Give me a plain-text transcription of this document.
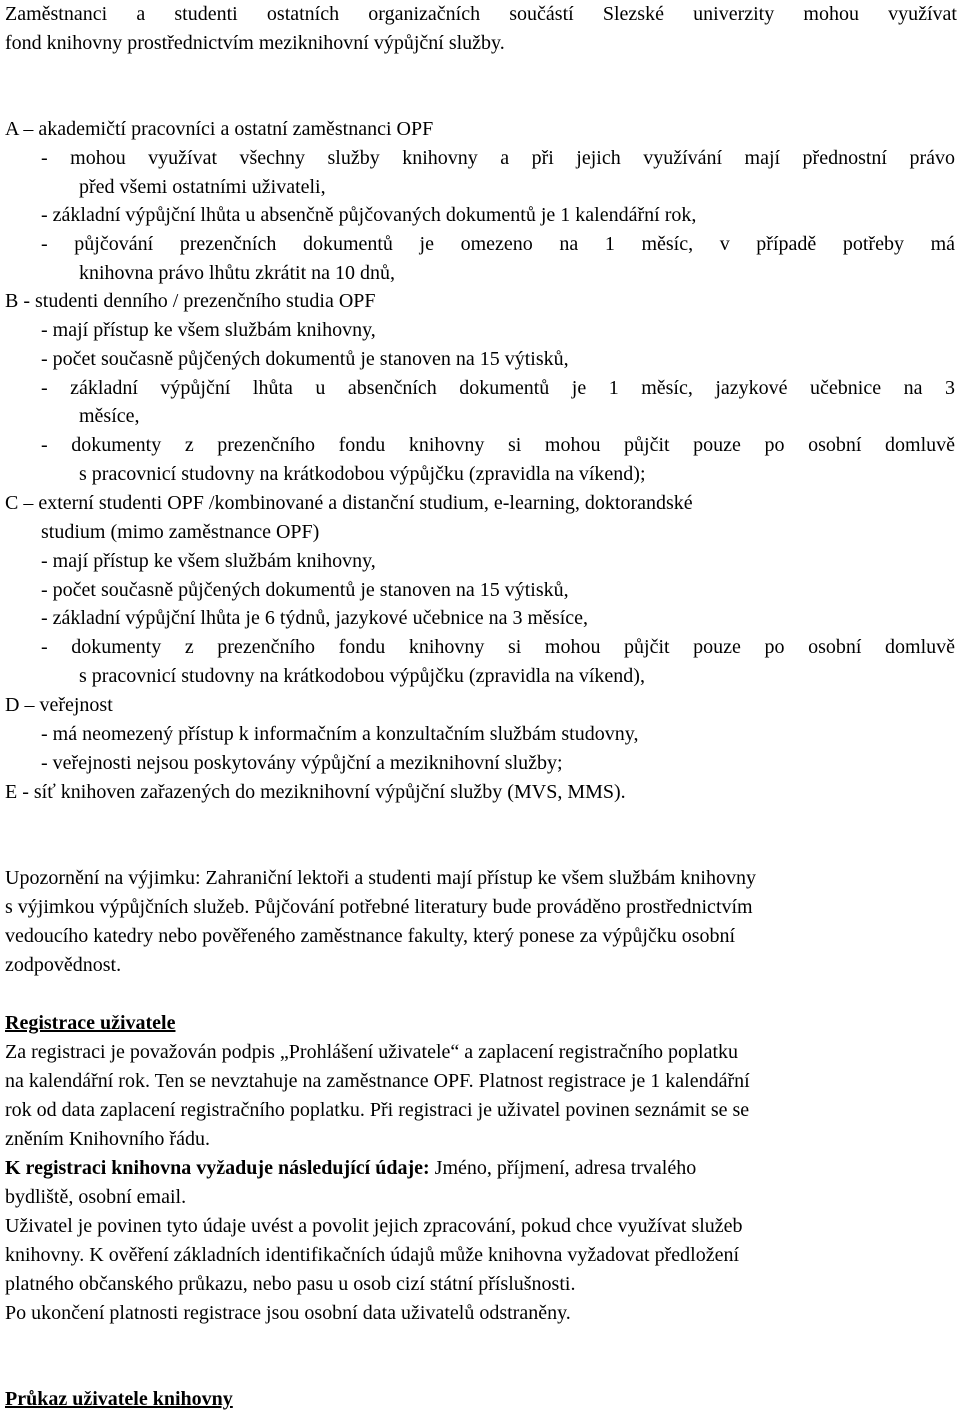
Zaměstnanci a studenti ostatních organizačních součástí Slezské univerzity mohou využívat
fond knihovny prostřednictvím meziknihovní výpůjční služby.
A – akademičtí pracovníci a ostatní zaměstnanci OPF
- mohou využívat všechny služby knihovny a při jejich využívání mají přednostní právo
před všemi ostatními uživateli,
- základní výpůjční lhůta u absenčně půjčovaných dokumentů je 1 kalendářní rok,
- půjčování prezenčních dokumentů je omezeno na 1 měsíc, v případě potřeby má
knihovna právo lhůtu zkrátit na 10 dnů,
B - studenti denního / prezenčního studia OPF
- mají přístup ke všem službám knihovny,
- počet současně půjčených dokumentů je stanoven na 15 výtisků,
- základní výpůjční lhůta u absenčních dokumentů je 1 měsíc, jazykové učebnice na 3
měsíce,
- dokumenty z prezenčního fondu knihovny si mohou půjčit pouze po osobní domluvě
s pracovnicí studovny na krátkodobou výpůjčku (zpravidla na víkend);
C – externí studenti OPF /kombinované a distanční studium, e-learning, doktorandské
studium (mimo zaměstnance OPF)
- mají přístup ke všem službám knihovny,
- počet současně půjčených dokumentů je stanoven na 15 výtisků,
- základní výpůjční lhůta je 6 týdnů, jazykové učebnice na 3 měsíce,
- dokumenty z prezenčního fondu knihovny si mohou půjčit pouze po osobní domluvě
s pracovnicí studovny na krátkodobou výpůjčku (zpravidla na víkend),
D – veřejnost
- má neomezený přístup k informačním a konzultačním službám studovny,
- veřejnosti nejsou poskytovány výpůjční a meziknihovní služby;
E - síť knihoven zařazených do meziknihovní výpůjční služby (MVS, MMS).
Upozornění na výjimku: Zahraniční lektoři a studenti mají přístup ke všem službám knihovny
s výjimkou výpůjčních služeb. Půjčování potřebné literatury bude prováděno prostřednictvím
vedoucího katedry nebo pověřeného zaměstnance fakulty, který ponese za výpůjčku osobní
zodpovědnost.
Registrace uživatele
Za registraci je považován podpis „Prohlášení uživatele“ a zaplacení registračního poplatku
na kalendářní rok. Ten se nevztahuje na zaměstnance OPF. Platnost registrace je 1 kalendářní
rok od data zaplacení registračního poplatku. Při registraci je uživatel povinen seznámit se se
zněním Knihovního řádu.
K registraci knihovna vyžaduje následující údaje: Jméno, příjmení, adresa trvalého
bydliště, osobní email.
Uživatel je povinen tyto údaje uvést a povolit jejich zpracování, pokud chce využívat služeb
knihovny. K ověření základních identifikačních údajů může knihovna vyžadovat předložení
platného občanského průkazu, nebo pasu u osob cizí státní příslušnosti.
Po ukončení platnosti registrace jsou osobní data uživatelů odstraněny.
Průkaz uživatele knihovny
